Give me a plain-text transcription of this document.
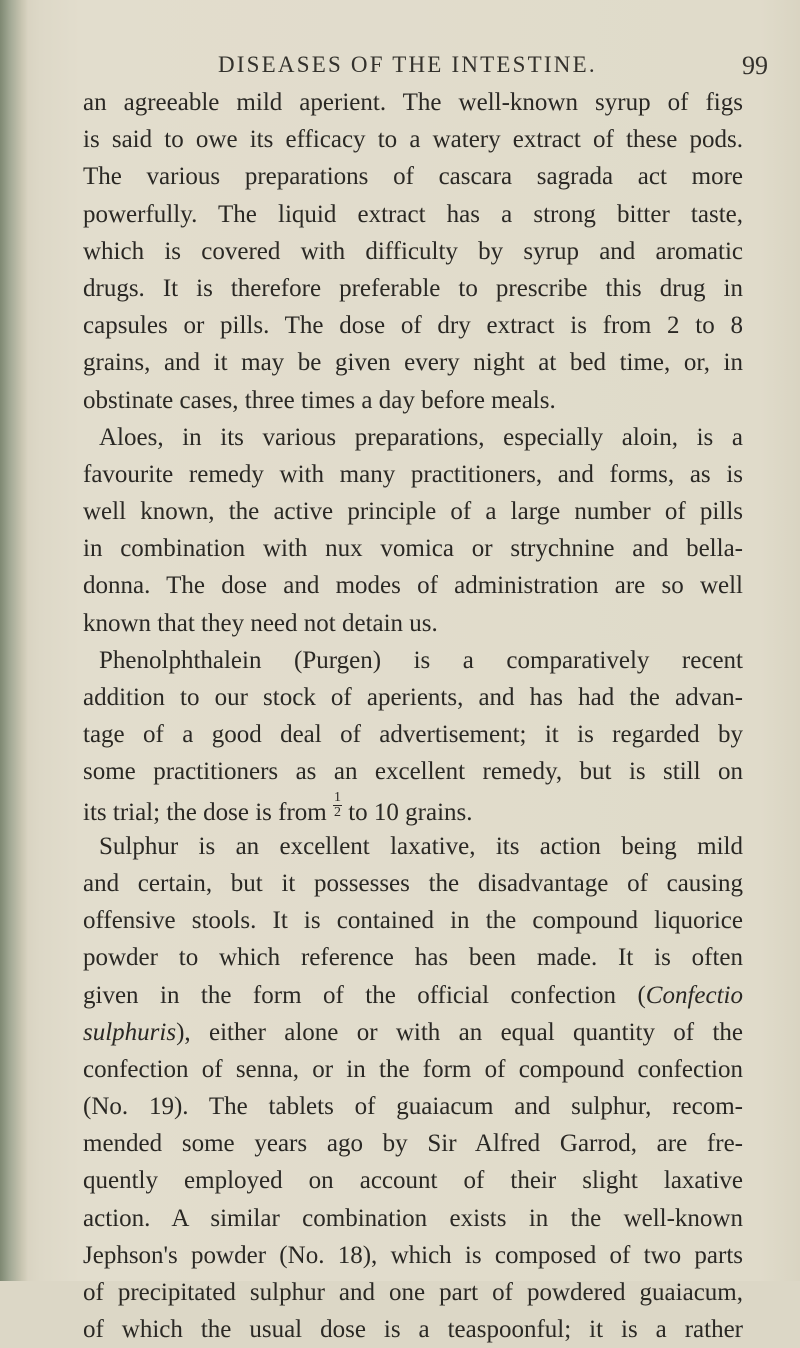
DISEASES OF THE INTESTINE.	99
an agreeable mild aperient. The well-known syrup of figs
is said to owe its efficacy to a watery extract of these pods.
The various preparations of cascara sagrada act more
powerfully. The liquid extract has a strong bitter taste,
which is covered with difficulty by syrup and aromatic
drugs. It is therefore preferable to prescribe this drug in
capsules or pills. The dose of dry extract is from 2 to 8
grains, and it may be given every night at bed time, or, in
obstinate cases, three times a day before meals.
Aloes, in its various preparations, especially aloin, is a
favourite remedy with many practitioners, and forms, as is
well known, the active principle of a large number of pills
in combination with nux vomica or strychnine and bella-
donna. The dose and modes of administration are so well
known that they need not detain us.
Phenolphthalein (Purgen) is a comparatively recent
addition to our stock of aperients, and has had the advan-
tage of a good deal of advertisement; it is regarded by
some practitioners as an excellent remedy, but is still on
its trial; the dose is from $\frac{1}{2}$ to 10 grains.
Sulphur is an excellent laxative, its action being mild
and certain, but it possesses the disadvantage of causing
offensive stools. It is contained in the compound liquorice
powder to which reference has been made. It is often
given in the form of the official confection (Confectio
sulphuris), either alone or with an equal quantity of the
confection of senna, or in the form of compound confection
(No. 19). The tablets of guaiacum and sulphur, recom-
mended some years ago by Sir Alfred Garrod, are fre-
quently employed on account of their slight laxative
action. A similar combination exists in the well-known
Jephson's powder (No. 18), which is composed of two parts
of precipitated sulphur and one part of powdered guaiacum,
of which the usual dose is a teaspoonful; it is a rather
